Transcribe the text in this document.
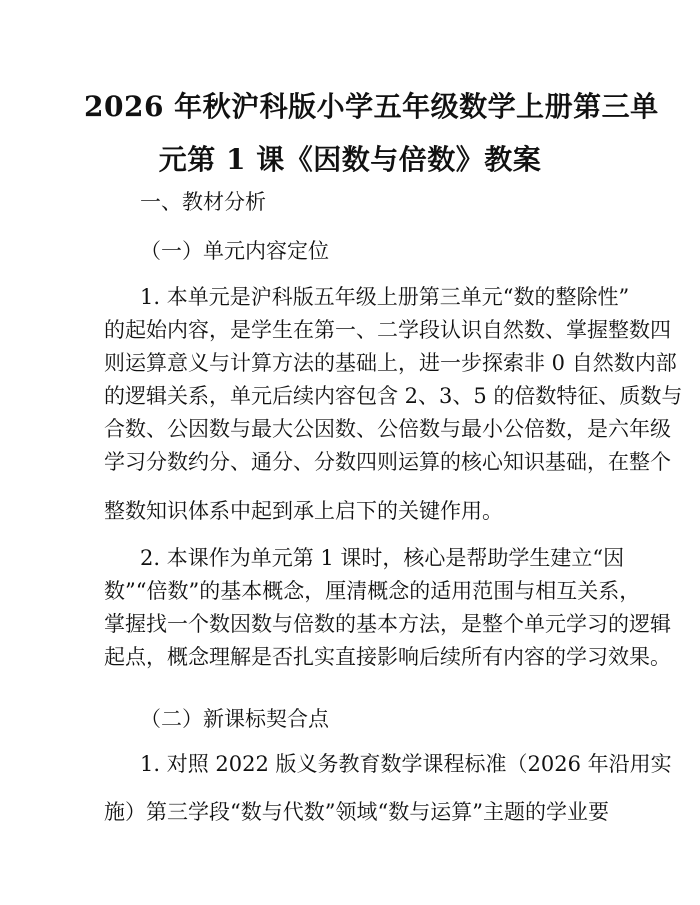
2026 年秋沪科版小学五年级数学上册第三单
元第 1 课《因数与倍数》教案
一、教材分析
（一）单元内容定位

1. 本单元是沪科版五年级上册第三单元“数的整除性”

的起始内容，是学生在第一、二学段认识自然数、掌握整数四

则运算意义与计算方法的基础上，进一步探索非 0 自然数内部

的逻辑关系，单元后续内容包含 2、3、5 的倍数特征、质数与

合数、公因数与最大公因数、公倍数与最小公倍数，是六年级

学习分数约分、通分、分数四则运算的核心知识基础，在整个

整数知识体系中起到承上启下的关键作用。

2. 本课作为单元第 1 课时，核心是帮助学生建立“因

数”“倍数”的基本概念，厘清概念的适用范围与相互关系，

掌握找一个数因数与倍数的基本方法，是整个单元学习的逻辑

起点，概念理解是否扎实直接影响后续所有内容的学习效果。

（二）新课标契合点

1. 对照 2022 版义务教育数学课程标准（2026 年沿用实

施）第三学段“数与代数”领域“数与运算”主题的学业要
